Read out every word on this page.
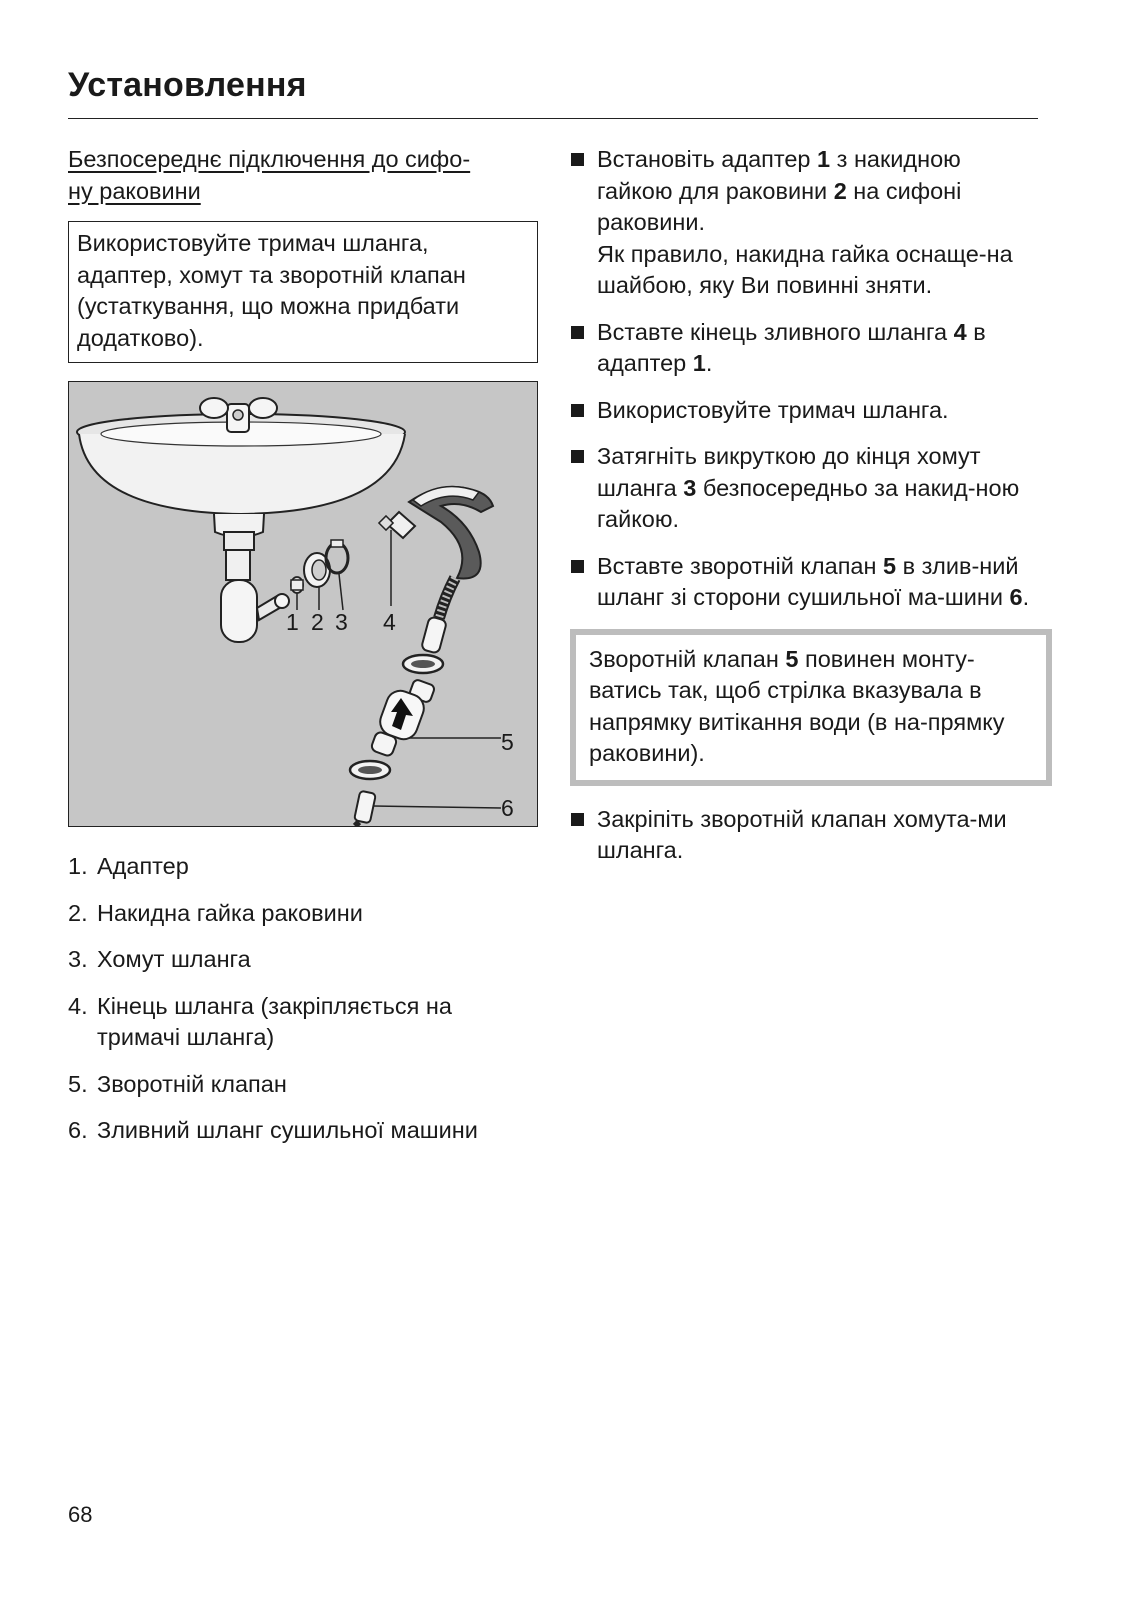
Установлення
Безпосереднє підключення до сифо-
ну раковини
Використовуйте тримач шланга, адаптер, хомут та зворотній клапан (устаткування, що можна придбати додатково).
1 2 3 4
5
6
1. Адаптер
2. Накидна гайка раковини
3. Хомут шланга
4. Кінець шланга (закріпляється на тримачі шланга)
5. Зворотній клапан
6. Зливний шланг сушильної машини
Встановіть адаптер 1 з накидною гайкою для раковини 2 на сифоні раковини.
Як правило, накидна гайка оснаще-на шайбою, яку Ви повинні зняти.
Вставте кінець зливного шланга 4 в адаптер 1.
Використовуйте тримач шланга.
Затягніть викруткою до кінця хомут шланга 3 безпосередньо за накид-ною гайкою.
Вставте зворотній клапан 5 в злив-ний шланг зі сторони сушильної ма-шини 6.
Зворотній клапан 5 повинен монту-ватись так, щоб стрілка вказувала в напрямку витікання води (в на-прямку раковини).
Закріпіть зворотній клапан хомута-ми шланга.
68
